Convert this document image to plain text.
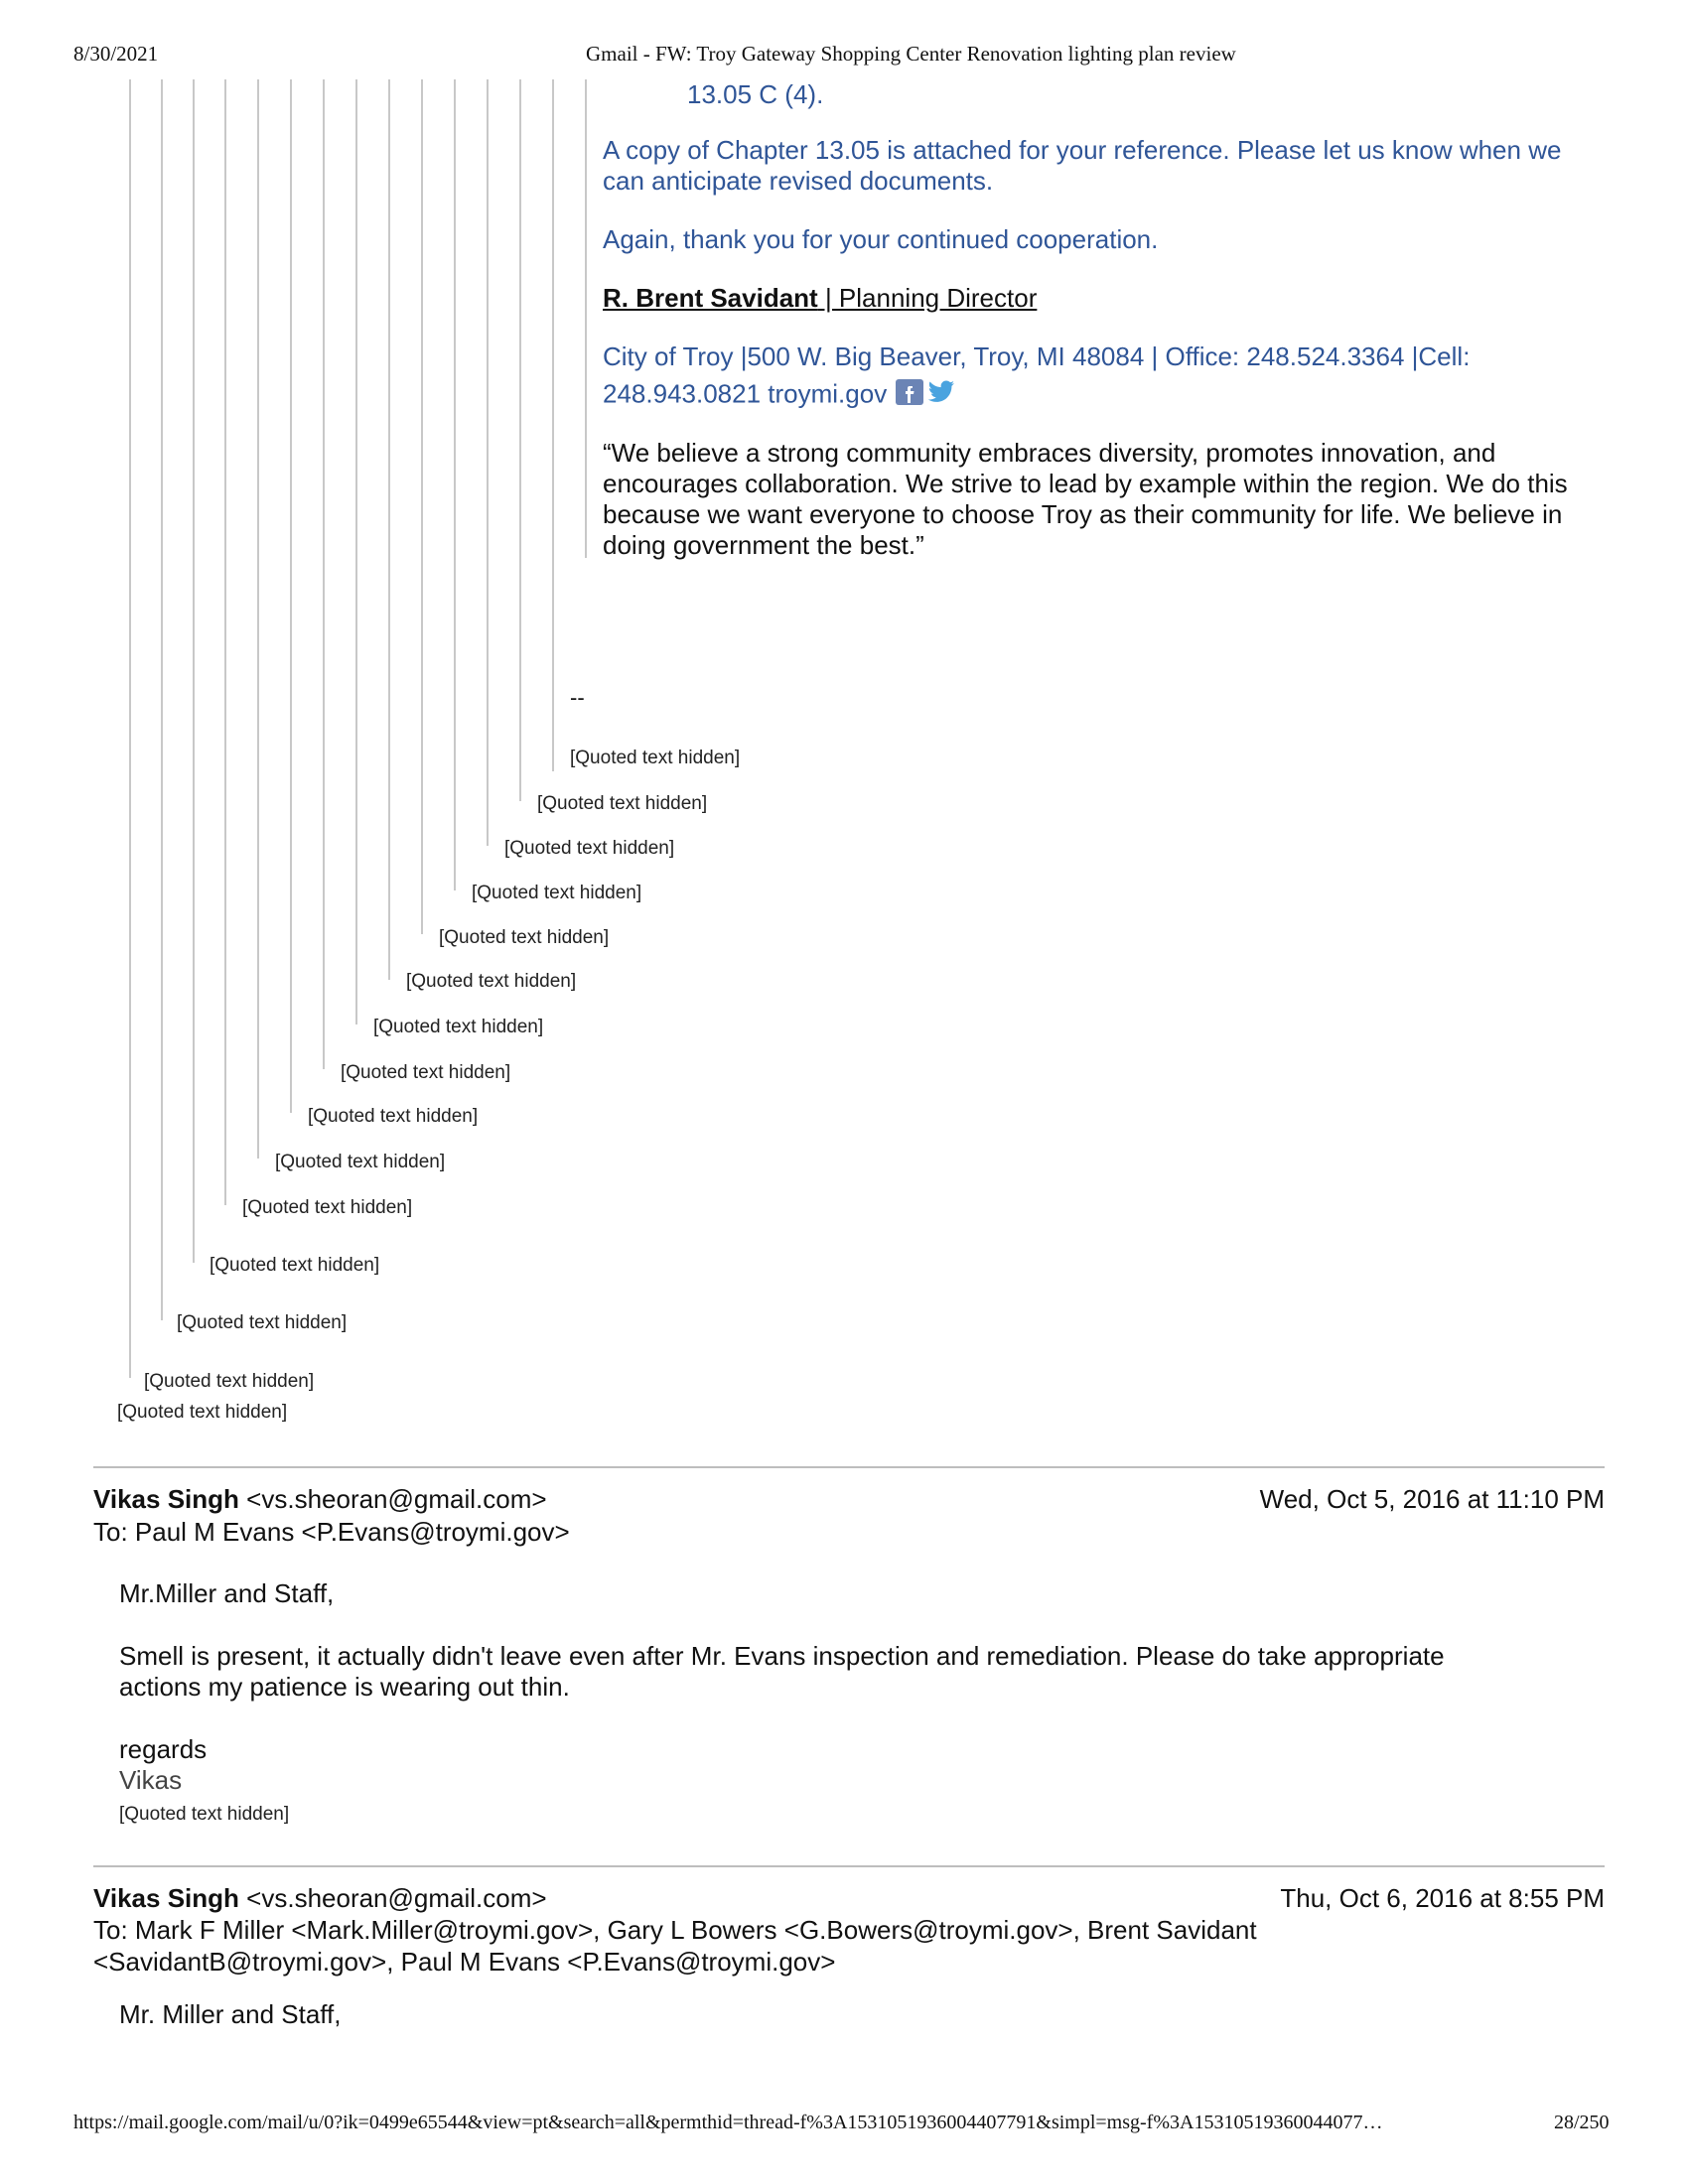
8/30/2021	Gmail - FW: Troy Gateway Shopping Center Renovation lighting plan review
13.05 C (4).
A copy of Chapter 13.05 is attached for your reference. Please let us know when we can anticipate revised documents.
Again, thank you for your continued cooperation.
R. Brent Savidant | Planning Director
City of Troy |500 W. Big Beaver, Troy, MI 48084 | Office: 248.524.3364 |Cell:
248.943.0821 troymi.gov
“We believe a strong community embraces diversity, promotes innovation, and encourages collaboration. We strive to lead by example within the region. We do this because we want everyone to choose Troy as their community for life. We believe in doing government the best.”
--
[Quoted text hidden]
[Quoted text hidden]
[Quoted text hidden]
[Quoted text hidden]
[Quoted text hidden]
[Quoted text hidden]
[Quoted text hidden]
[Quoted text hidden]
[Quoted text hidden]
[Quoted text hidden]
[Quoted text hidden]
[Quoted text hidden]
[Quoted text hidden]
[Quoted text hidden]
[Quoted text hidden]
Vikas Singh <vs.sheoran@gmail.com>	Wed, Oct 5, 2016 at 11:10 PM
To: Paul M Evans <P.Evans@troymi.gov>
Mr.Miller and Staff,
Smell is present, it actually didn't leave even after Mr. Evans inspection and remediation. Please do take appropriate actions my patience is wearing out thin.
regards
Vikas
[Quoted text hidden]
Vikas Singh <vs.sheoran@gmail.com>	Thu, Oct 6, 2016 at 8:55 PM
To: Mark F Miller <Mark.Miller@troymi.gov>, Gary L Bowers <G.Bowers@troymi.gov>, Brent Savidant <SavidantB@troymi.gov>, Paul M Evans <P.Evans@troymi.gov>
Mr. Miller and Staff,
https://mail.google.com/mail/u/0?ik=0499e65544&view=pt&search=all&permthid=thread-f%3A1531051936004407791&simpl=msg-f%3A15310519360044077…	28/250
